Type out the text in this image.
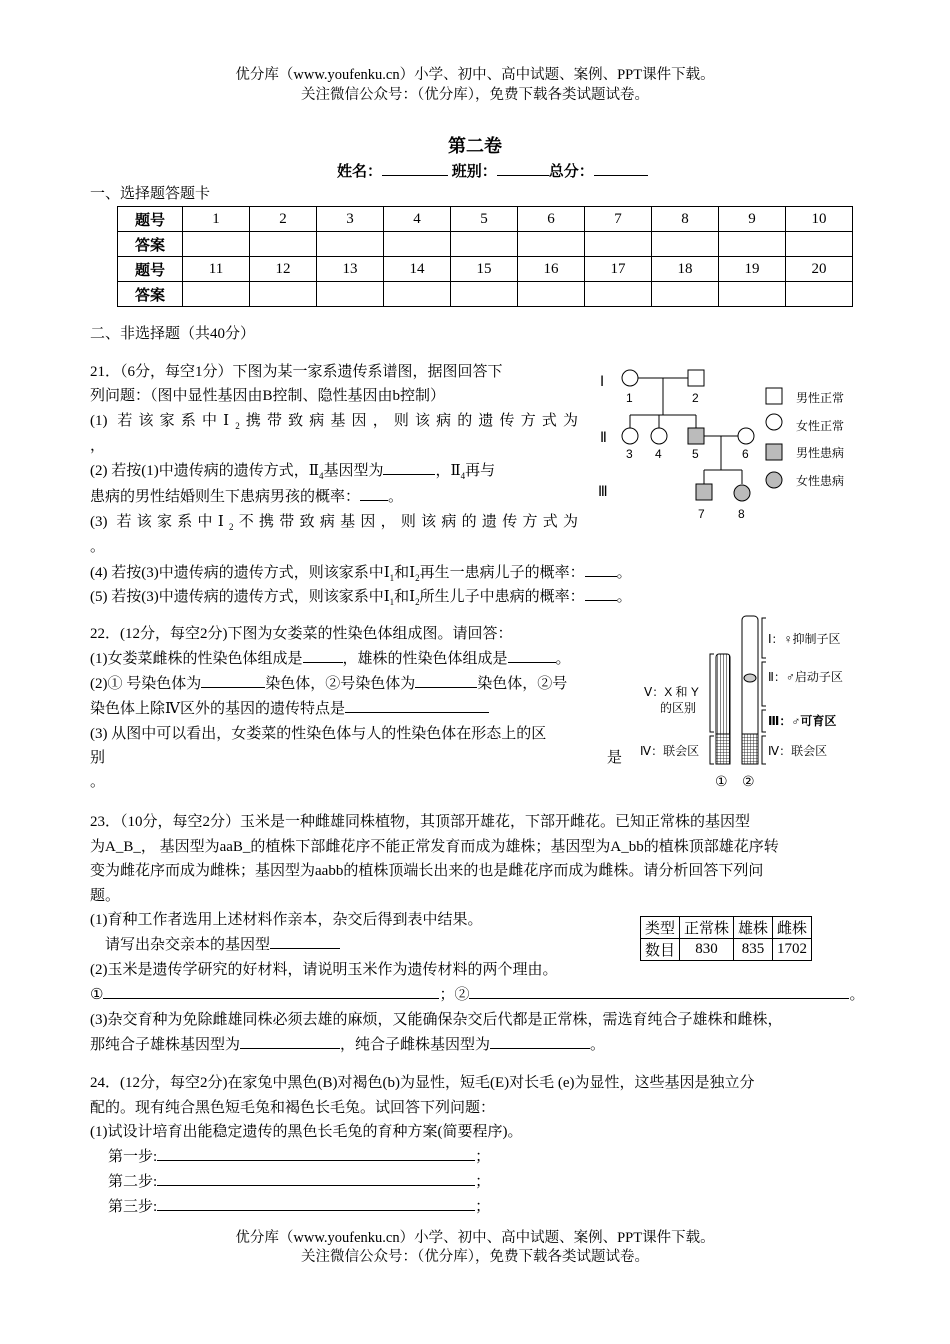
优分库（www.youfenku.cn）小学、初中、高中试题、案例、PPT课件下载。
关注微信公众号：（优分库），免费下载各类试题试卷。
第二卷
姓名：	班别：	总分：
一、选择题答题卡
题号	1	2	3	4	5	6	7	8	9	10
答案										
题号	11	12	13	14	15	16	17	18	19	20
答案										
二、非选择题（共40分）
21．（6分，每空1分）下图为某一家系遗传系谱图，据图回答下
列问题：（图中显性基因由B控制、隐性基因由b控制）
(1) 若该家系中$Ⅰ_2$携带致病基因，则该病的遗传方式为
，
(2) 若按(1)中遗传病的遗传方式，$Ⅱ_4$基因型为	，$Ⅱ_4$再与
患病的男性结婚则生下患病男孩的概率： 。
(3) 若该家系中$Ⅰ_2$不携带致病基因，则该病的遗传方式为
。
(4) 若按(3)中遗传病的遗传方式，则该家系中$Ⅰ_1$和$Ⅰ_2$再生一患病儿子的概率： 。
(5) 若按(3)中遗传病的遗传方式，则该家系中$Ⅰ_1$和$Ⅰ_2$所生儿子中患病的概率： 。
Ⅰ
Ⅱ
Ⅲ
1	2
3 4	5	6
7	8
男性正常
女性正常
男性患病
女性患病
22．(12分，每空2分)下图为女娄菜的性染色体组成图。请回答：
(1)女娄菜雌株的性染色体组成是	，雄株的性染色体组成是	。
(2)① 号染色体为	染色体，②号染色体为	染色体，②号
染色体上除Ⅳ区外的基因的遗传特点是
(3) 从图中可以看出，女娄菜的性染色体与人的性染色体在形态上的区
别	是
。
Ⅰ：♀抑制子区
Ⅱ：♂启动子区
Ⅲ：♂可育区
Ⅳ：联会区
Ⅴ：X 和 Y
的区别
Ⅳ：联会区
① ②
23．（10分，每空2分）玉米是一种雌雄同株植物，其顶部开雄花，下部开雌花。已知正常株的基因型
为A_B_， 基因型为aaB_的植株下部雌花序不能正常发育而成为雄株；基因型为A_bb的植株顶部雄花序转
变为雌花序而成为雌株；基因型为aabb的植株顶端长出来的也是雌花序而成为雌株。请分析回答下列问
题。
(1)育种工作者选用上述材料作亲本，杂交后得到表中结果。
请写出杂交亲本的基因型
类型	正常株	雄株	雌株
数目	830	835	1702
(2)玉米是遗传学研究的好材料，请说明玉米作为遗传材料的两个理由。
①	；②	。
(3)杂交育种为免除雌雄同株必须去雄的麻烦，又能确保杂交后代都是正常株，需选育纯合子雄株和雌株，
那纯合子雄株基因型为	，纯合子雌株基因型为	。
24．(12分，每空2分)在家兔中黑色(B)对褐色(b)为显性，短毛(E)对长毛 (e)为显性，这些基因是独立分
配的。现有纯合黑色短毛兔和褐色长毛兔。试回答下列问题：
(1)试设计培育出能稳定遗传的黑色长毛兔的育种方案(简要程序)。
第一步:	；
第二步:	；
第三步:	；
优分库（www.youfenku.cn）小学、初中、高中试题、案例、PPT课件下载。
关注微信公众号：（优分库），免费下载各类试题试卷。
